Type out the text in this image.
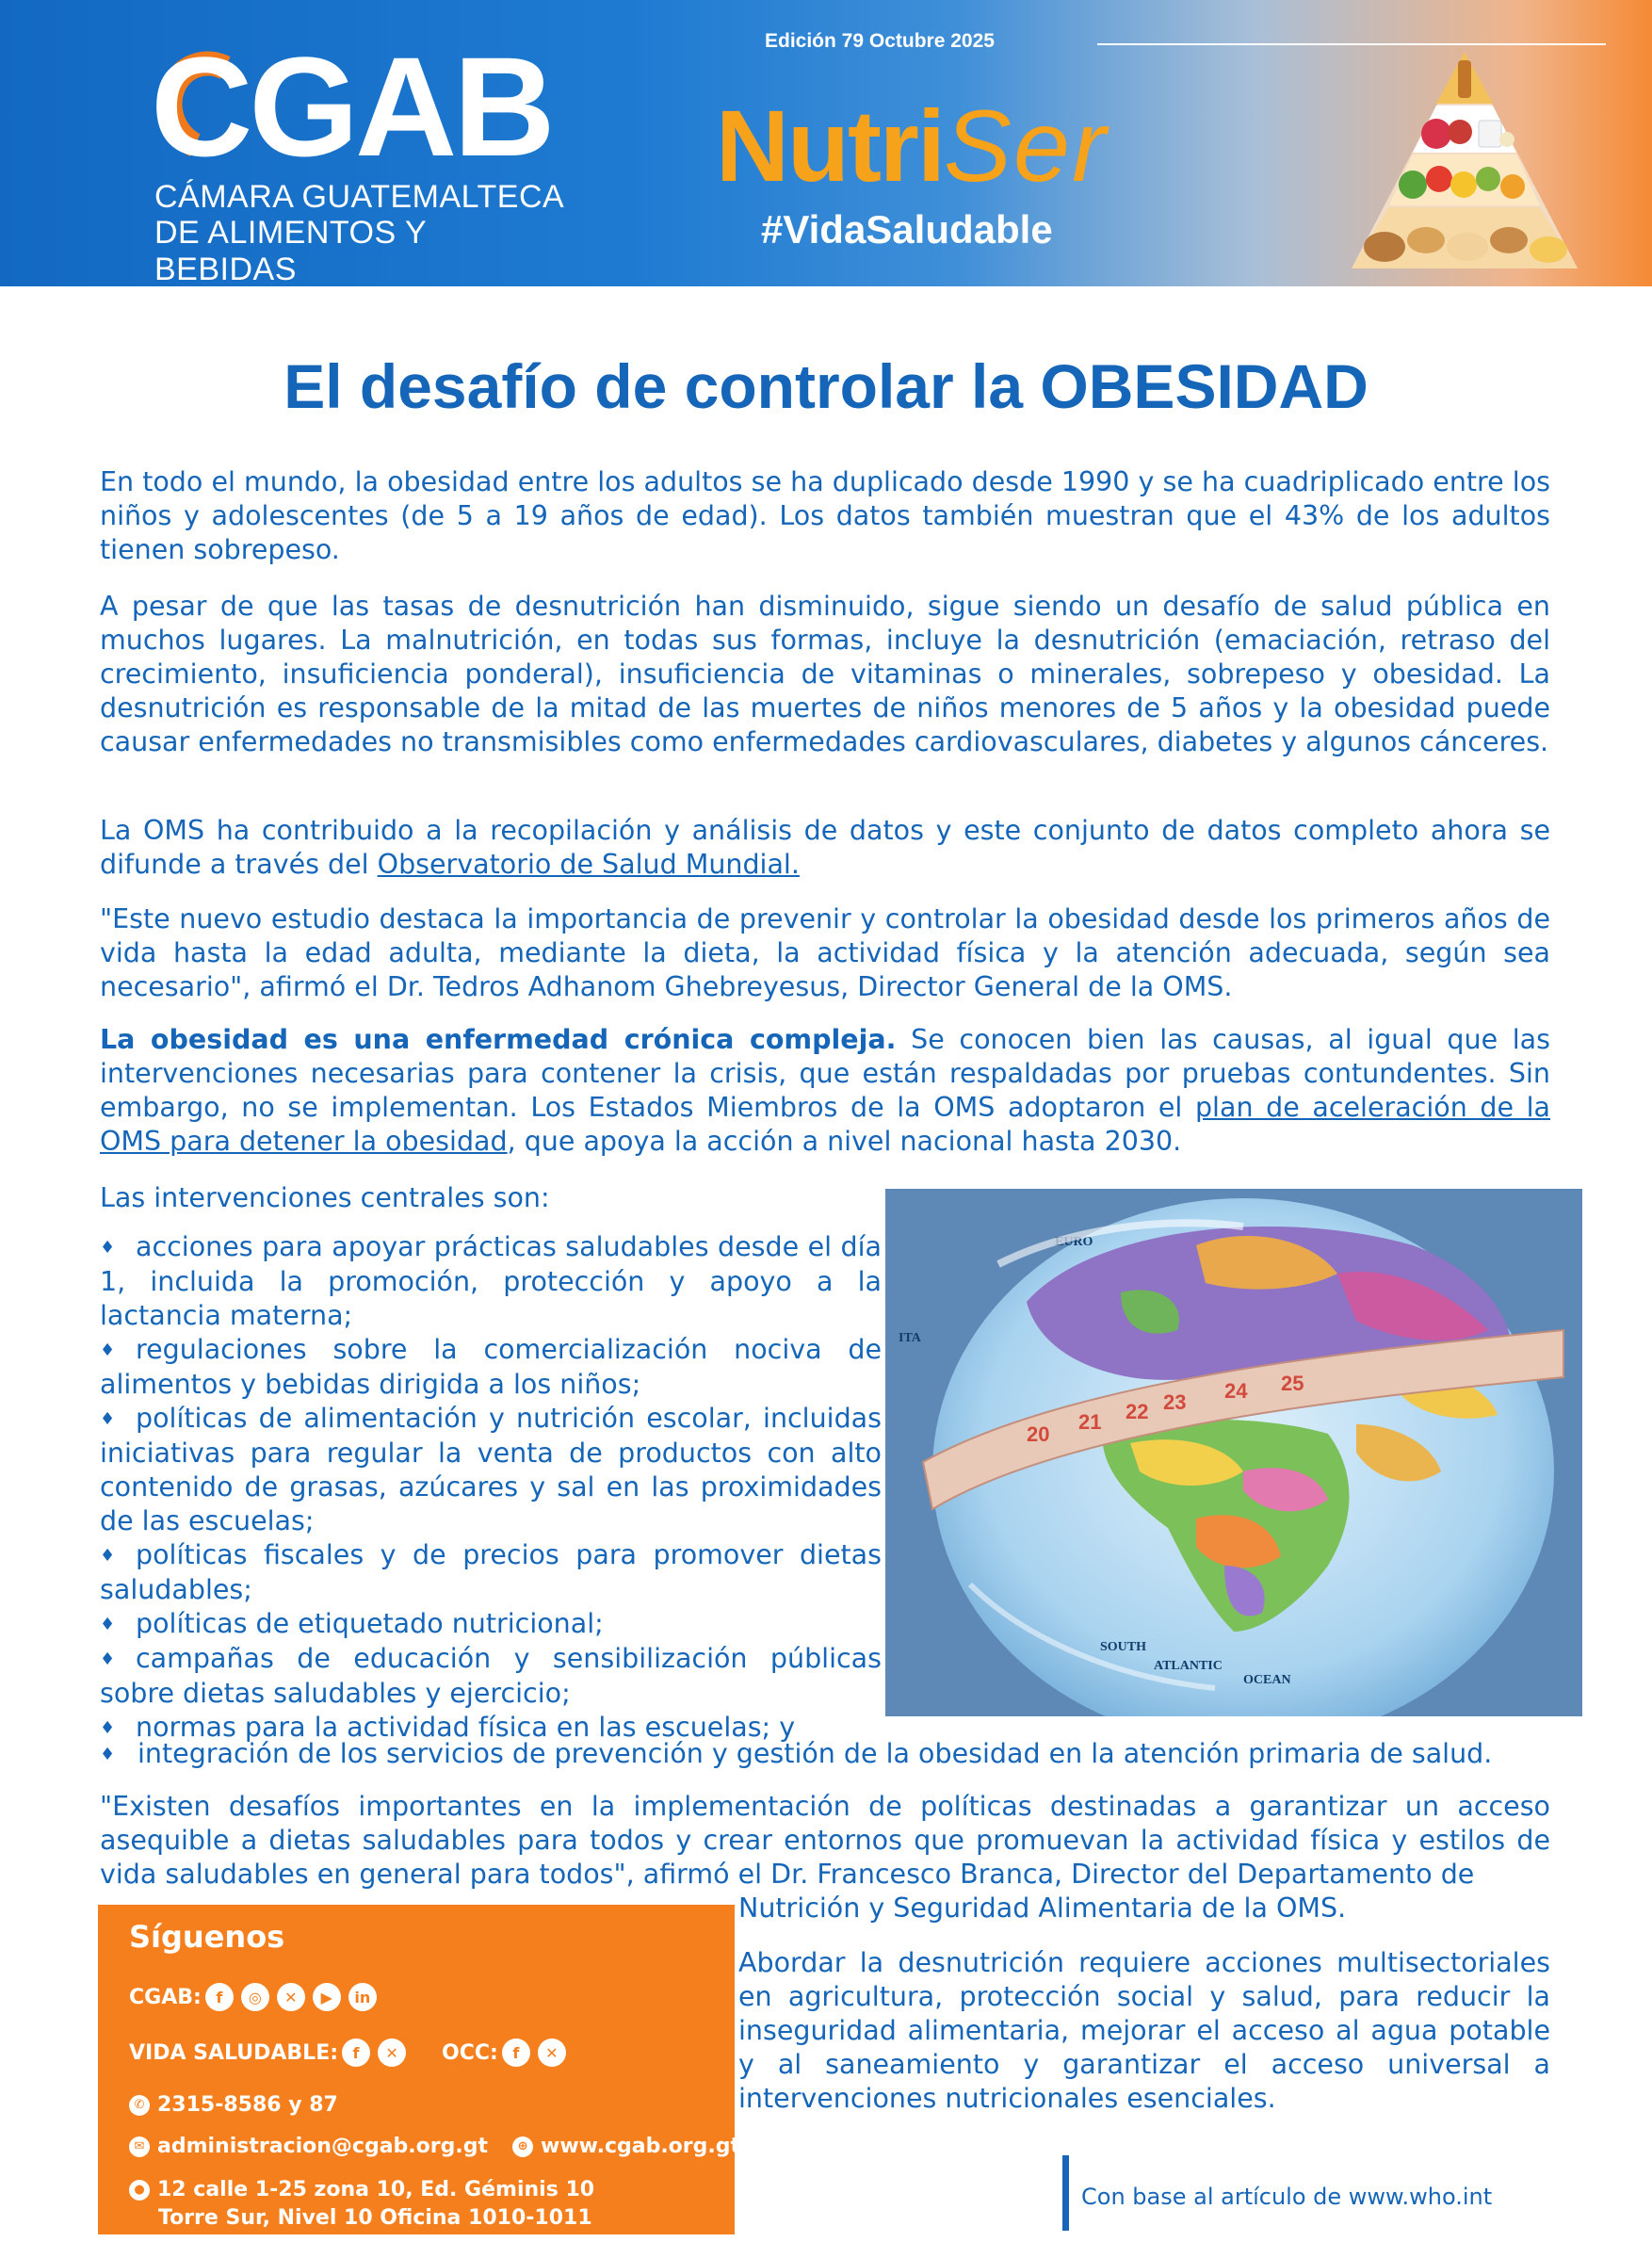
CGAB
CÁMARA GUATEMALTECA
DE ALIMENTOS Y BEBIDAS
Edición 79 Octubre 2025
NutriSer
#VidaSaludable
El desafío de controlar la OBESIDAD

En todo el mundo, la obesidad entre los adultos se ha duplicado desde 1990 y se ha cuadriplicado entre los niños y adolescentes (de 5 a 19 años de edad). Los datos también muestran que el 43% de los adultos tienen sobrepeso.

A pesar de que las tasas de desnutrición han disminuido, sigue siendo un desafío de salud pública en muchos lugares. La malnutrición, en todas sus formas, incluye la desnutrición (emaciación, retraso del crecimiento, insuficiencia ponderal), insuficiencia de vitaminas o minerales, sobrepeso y obesidad. La desnutrición es responsable de la mitad de las muertes de niños menores de 5 años y la obesidad puede causar enfermedades no transmisibles como enfermedades cardiovasculares, diabetes y algunos cánceres.

La OMS ha contribuido a la recopilación y análisis de datos y este conjunto de datos completo ahora se difunde a través del Observatorio de Salud Mundial.

"Este nuevo estudio destaca la importancia de prevenir y controlar la obesidad desde los primeros años de vida hasta la edad adulta, mediante la dieta, la actividad física y la atención adecuada, según sea necesario", afirmó el Dr. Tedros Adhanom Ghebreyesus, Director General de la OMS.

La obesidad es una enfermedad crónica compleja. Se conocen bien las causas, al igual que las intervenciones necesarias para contener la crisis, que están respaldadas por pruebas contundentes. Sin embargo, no se implementan. Los Estados Miembros de la OMS adoptaron el plan de aceleración de la OMS para detener la obesidad, que apoya la acción a nivel nacional hasta 2030.

Las intervenciones centrales son:

20
21 22 23 24 25
EURO
ITA
SOUTH
ATLANTIC
OCEAN
♦ acciones para apoyar prácticas saludables desde el día 1, incluida la promoción, protección y apoyo a la lactancia materna;
♦ regulaciones sobre la comercialización nociva de alimentos y bebidas dirigida a los niños;
♦ políticas de alimentación y nutrición escolar, incluidas iniciativas para regular la venta de productos con alto contenido de grasas, azúcares y sal en las proximidades de las escuelas;
♦ políticas fiscales y de precios para promover dietas saludables;
♦ políticas de etiquetado nutricional;
♦ campañas de educación y sensibilización públicas sobre dietas saludables y ejercicio;
♦ normas para la actividad física en las escuelas; y
♦ integración de los servicios de prevención y gestión de la obesidad en la atención primaria de salud.

"Existen desafíos importantes en la implementación de políticas destinadas a garantizar un acceso asequible a dietas saludables para todos y crear entornos que promuevan la actividad física y estilos de vida saludables en general para todos", afirmó el Dr. Francesco Branca, Director del Departamento de

Nutrición y Seguridad Alimentaria de la OMS.

Abordar la desnutrición requiere acciones multisectoriales en agricultura, protección social y salud, para reducir la inseguridad alimentaria, mejorar el acceso al agua potable y al saneamiento y garantizar el acceso universal a intervenciones nutricionales esenciales.

Síguenos
CGAB: f	◎	✕	▶	in
VIDA SALUDABLE: f	✕	OCC: f	✕
✆ 2315-8586 y 87
✉ administracion@cgab.org.gt	⊕ www.cgab.org.gt
● 12 calle 1-25 zona 10, Ed. Géminis 10
Torre Sur, Nivel 10 Oficina 1010-1011
Con base al artículo de www.who.int
